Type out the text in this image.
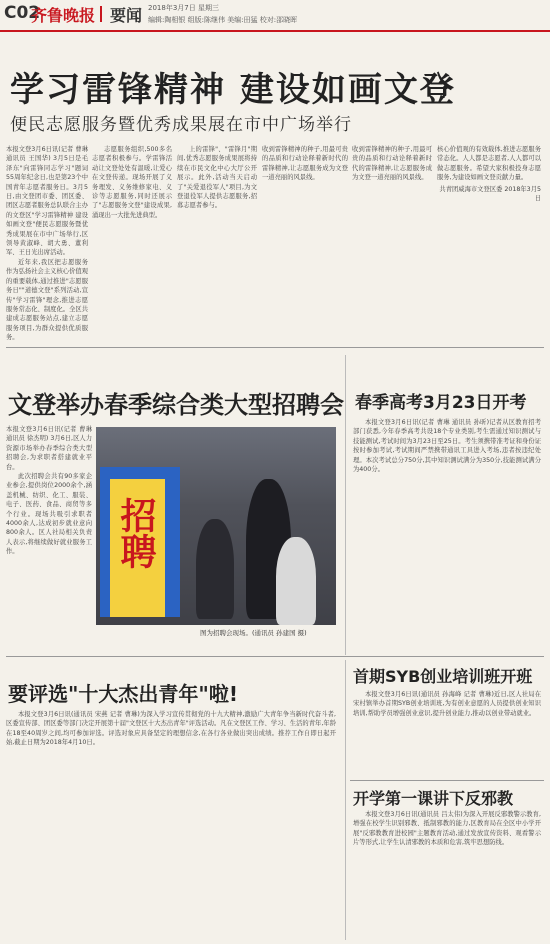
C02
齐鲁晚报 要闻 2018年3月7日 星期三
编辑:陶相银 组版:陈继伟 美编:田猛 校对:邵晓晖
学习雷锋精神 建设如画文登
便民志愿服务暨优秀成果展在市中广场举行
本报文登3月6日讯(记者 曹琳 通讯员 王国华) 3月5日是毛泽东"向雷锋同志学习"题词55周年纪念日,也是第23个中国青年志愿者服务日。3月5日,由文登团市委、团区委、团区志愿者服务总队联合主办的文登区"学习雷锋精神 建设如画文登"便民志愿服务暨优秀成果展在市中广场举行,区领导黄淑峰、胡大勇、董利军、王日光出席活动。
近年来,我区把志愿服务作为弘扬社会主义核心价值观的重要载体,通过推进"志愿服务日""道德文登"系列活动,宣传"学习雷锋"理念,推进志愿服务常态化、制度化。全区共建成志愿服务站点,建立志愿服务项目,为群众提供优质服务。
志愿服务组织,500多名志愿者积极参与。学雷锋活动让文登处处有温暖,让爱心在文登传递。现场开展了义务理发、义务维修家电、义诊等志愿服务,同时还展示了"志愿服务文登"建设成果,涌现出一大批先进典型。
上的雷锋"、"雷锋月"期间,优秀志愿服务成果展将持续在市民文化中心大厅公开展示。此外,活动当天启动了"关爱退役军人"项目,为文登退役军人提供志愿服务,招募志愿者参与。
收到雷锋精神的种子,用最可贵的品质和行动诠释着新时代的雷锋精神,让志愿服务成为文登一道亮丽的风景线。
收到雷锋精神的种子,用最可贵的品质和行动诠释着新时代的雷锋精神,让志愿服务成为文登一道亮丽的风景线。
核心价值观的有效载体,推进志愿服务常态化。人人都是志愿者,人人都可以做志愿服务。希望大家积极投身志愿服务,为建设如画文登贡献力量。
共青团威海市文登区委 2018年3月5日
文登举办春季综合类大型招聘会
本报文登3月6日讯(记者 曹琳 通讯员 徐杰明) 3月6日,区人力资源市场举办春季综合类大型招聘会,为求职者搭建就业平台。
此次招聘会共有90多家企业参会,提供岗位2000余个,涵盖机械、纺织、化工、服装、电子、医药、食品、商贸等多个行业。现场共吸引求职者4000余人,达成初步就业意向800余人。区人社局相关负责人表示,将继续做好就业服务工作。	招聘
图为招聘会现场。(通讯员 孙建国 摄)
春季高考3月23日开考
本报文登3月6日讯(记者 曹琳 通讯员 孙昕)记者从区教育招考部门获悉,今年春季高考共设18个专业类别,考生需通过知识测试与技能测试,考试时间为3月23日至25日。考生须携带准考证和身份证按时参加考试,考试期间严禁携带通讯工具进入考场,违者按违纪处理。本次考试总分750分,其中知识测试满分为350分,技能测试满分为400分。
要评选"十大杰出青年"啦!
本报文登3月6日讯(通讯员 宋燕 记者 曹琳)为深入学习宣传贯彻党的十九大精神,激励广大青年争当新时代奋斗者,区委宣传部、团区委等部门决定开展第十届"文登区十大杰出青年"评选活动。凡在文登区工作、学习、生活的青年,年龄在18至40周岁之间,均可参加评选。评选对象应具备坚定的理想信念,在各行各业做出突出成绩。推荐工作自即日起开始,截止日期为2018年4月10日。
首期SYB创业培训班开班
本报文登3月6日讯(通讯员 孙海峰 记者 曹琳)近日,区人社局在宋村镇举办首期SYB创业培训班,为有创业意愿的人员提供创业知识培训,帮助学员增强创业意识,提升创业能力,推动以创业带动就业。
开学第一课讲下反邪教
本报文登3月6日讯(通讯员 吕太伟)为深入开展反邪教警示教育,增强在校学生识别邪教、抵制邪教的能力,区教育局在全区中小学开展"反邪教教育进校园"主题教育活动,通过发放宣传资料、观看警示片等形式,让学生认清邪教的本质和危害,筑牢思想防线。
